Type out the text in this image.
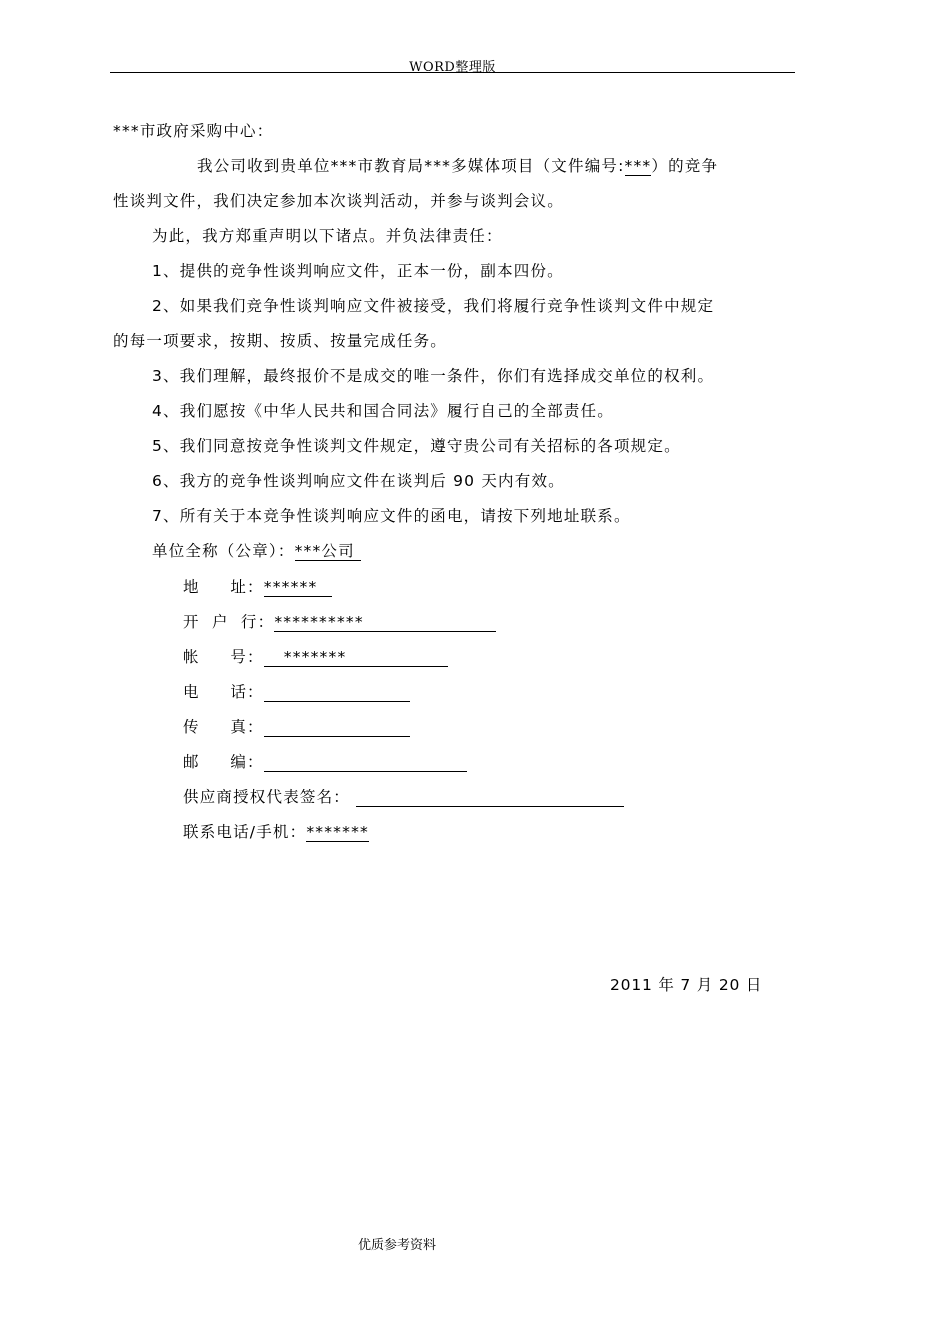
WORD整理版
***市政府采购中心：
我公司收到贵单位***市教育局***多媒体项目（文件编号:***）的竞争
性谈判文件，我们决定参加本次谈判活动，并参与谈判会议。
为此，我方郑重声明以下诸点。并负法律责任：
1、提供的竞争性谈判响应文件，正本一份，副本四份。
2、如果我们竞争性谈判响应文件被接受，我们将履行竞争性谈判文件中规定
的每一项要求，按期、按质、按量完成任务。
3、我们理解，最终报价不是成交的唯一条件，你们有选择成交单位的权利。
4、我们愿按《中华人民共和国合同法》履行自己的全部责任。
5、我们同意按竞争性谈判文件规定，遵守贵公司有关招标的各项规定。
6、我方的竞争性谈判响应文件在谈判后 90 天内有效。
7、所有关于本竞争性谈判响应文件的函电，请按下列地址联系。
单位全称（公章）：***公司
地     址：******
开  户  行：**********
帐     号： *******
电     话：
传     真：
邮     编：
供应商授权代表签名：
联系电话/手机：*******
2011 年 7 月 20 日
优质参考资料
